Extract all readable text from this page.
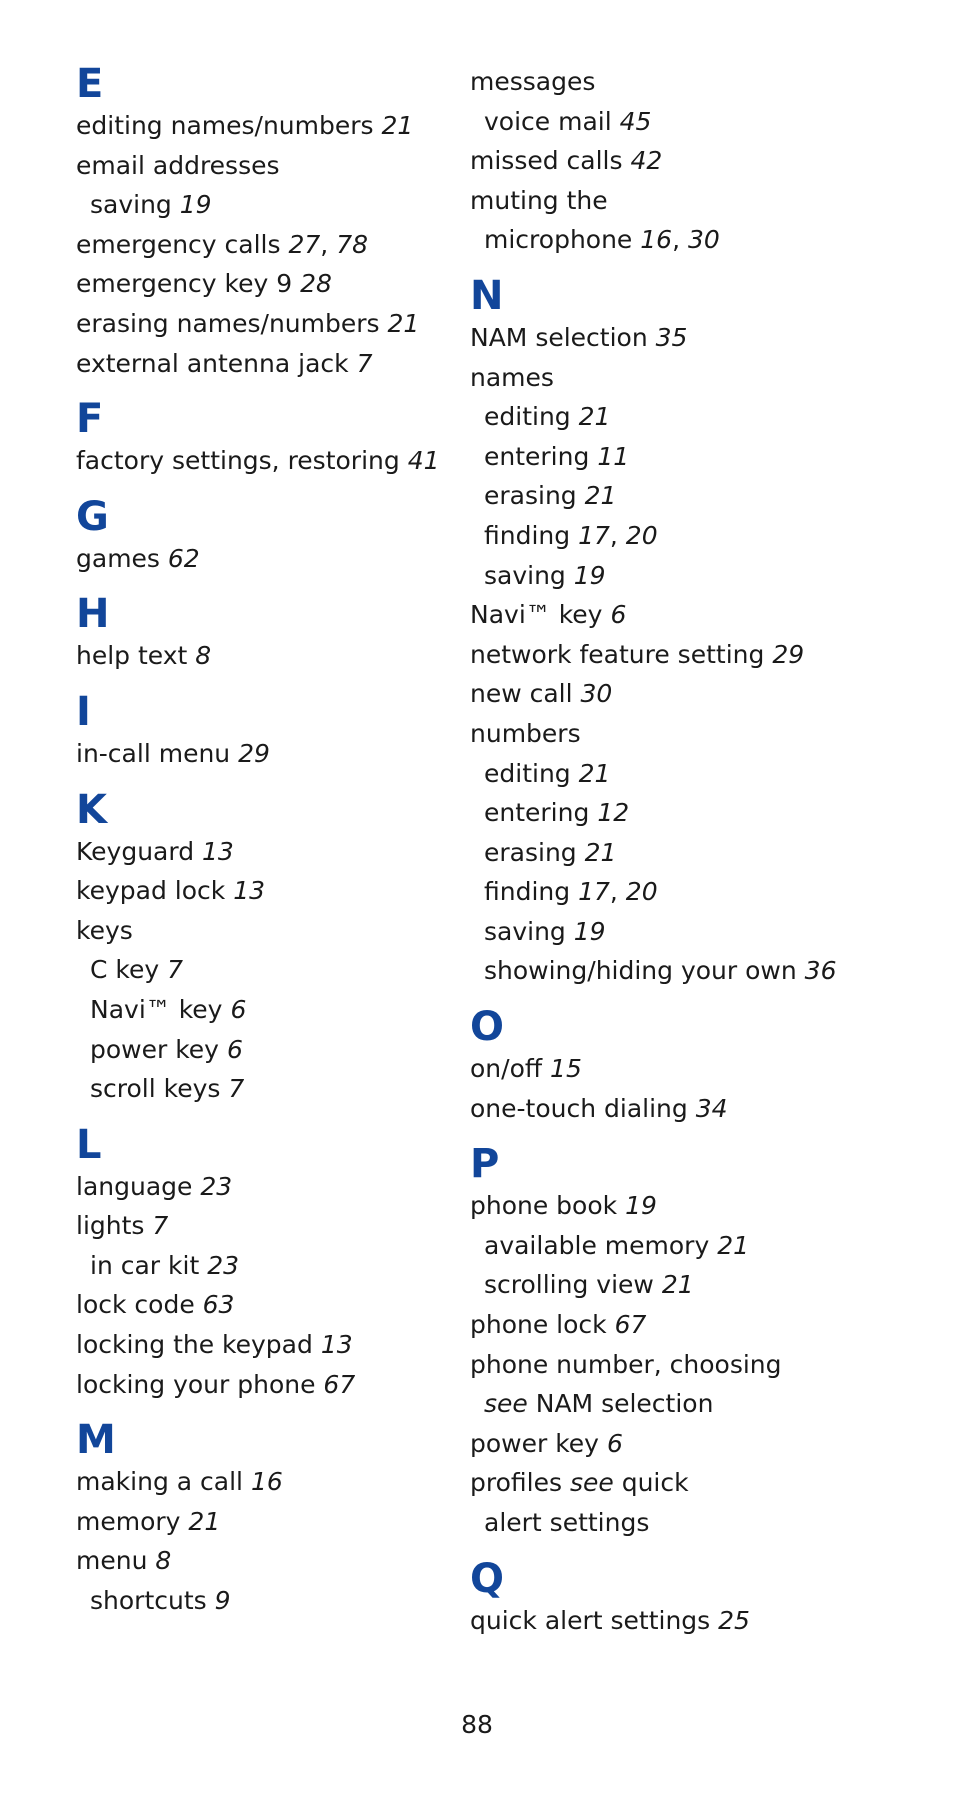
E
editing names/numbers 21
email addresses
saving 19
emergency calls 27, 78
emergency key 9 28
erasing names/numbers 21
external antenna jack 7
F
factory settings, restoring 41
G
games 62
H
help text 8
I
in-call menu 29
K
Keyguard 13
keypad lock 13
keys
C key 7
Navi™ key 6
power key 6
scroll keys 7
L
language 23
lights 7
in car kit 23
lock code 63
locking the keypad 13
locking your phone 67
M
making a call 16
memory 21
menu 8
shortcuts 9
messages
voice mail 45
missed calls 42
muting the
microphone 16, 30
N
NAM selection 35
names
editing 21
entering 11
erasing 21
finding 17, 20
saving 19
Navi™ key 6
network feature setting 29
new call 30
numbers
editing 21
entering 12
erasing 21
finding 17, 20
saving 19
showing/hiding your own 36
O
on/off 15
one-touch dialing 34
P
phone book 19
available memory 21
scrolling view 21
phone lock 67
phone number, choosing
see NAM selection
power key 6
profiles see quick
alert settings
Q
quick alert settings 25
88
